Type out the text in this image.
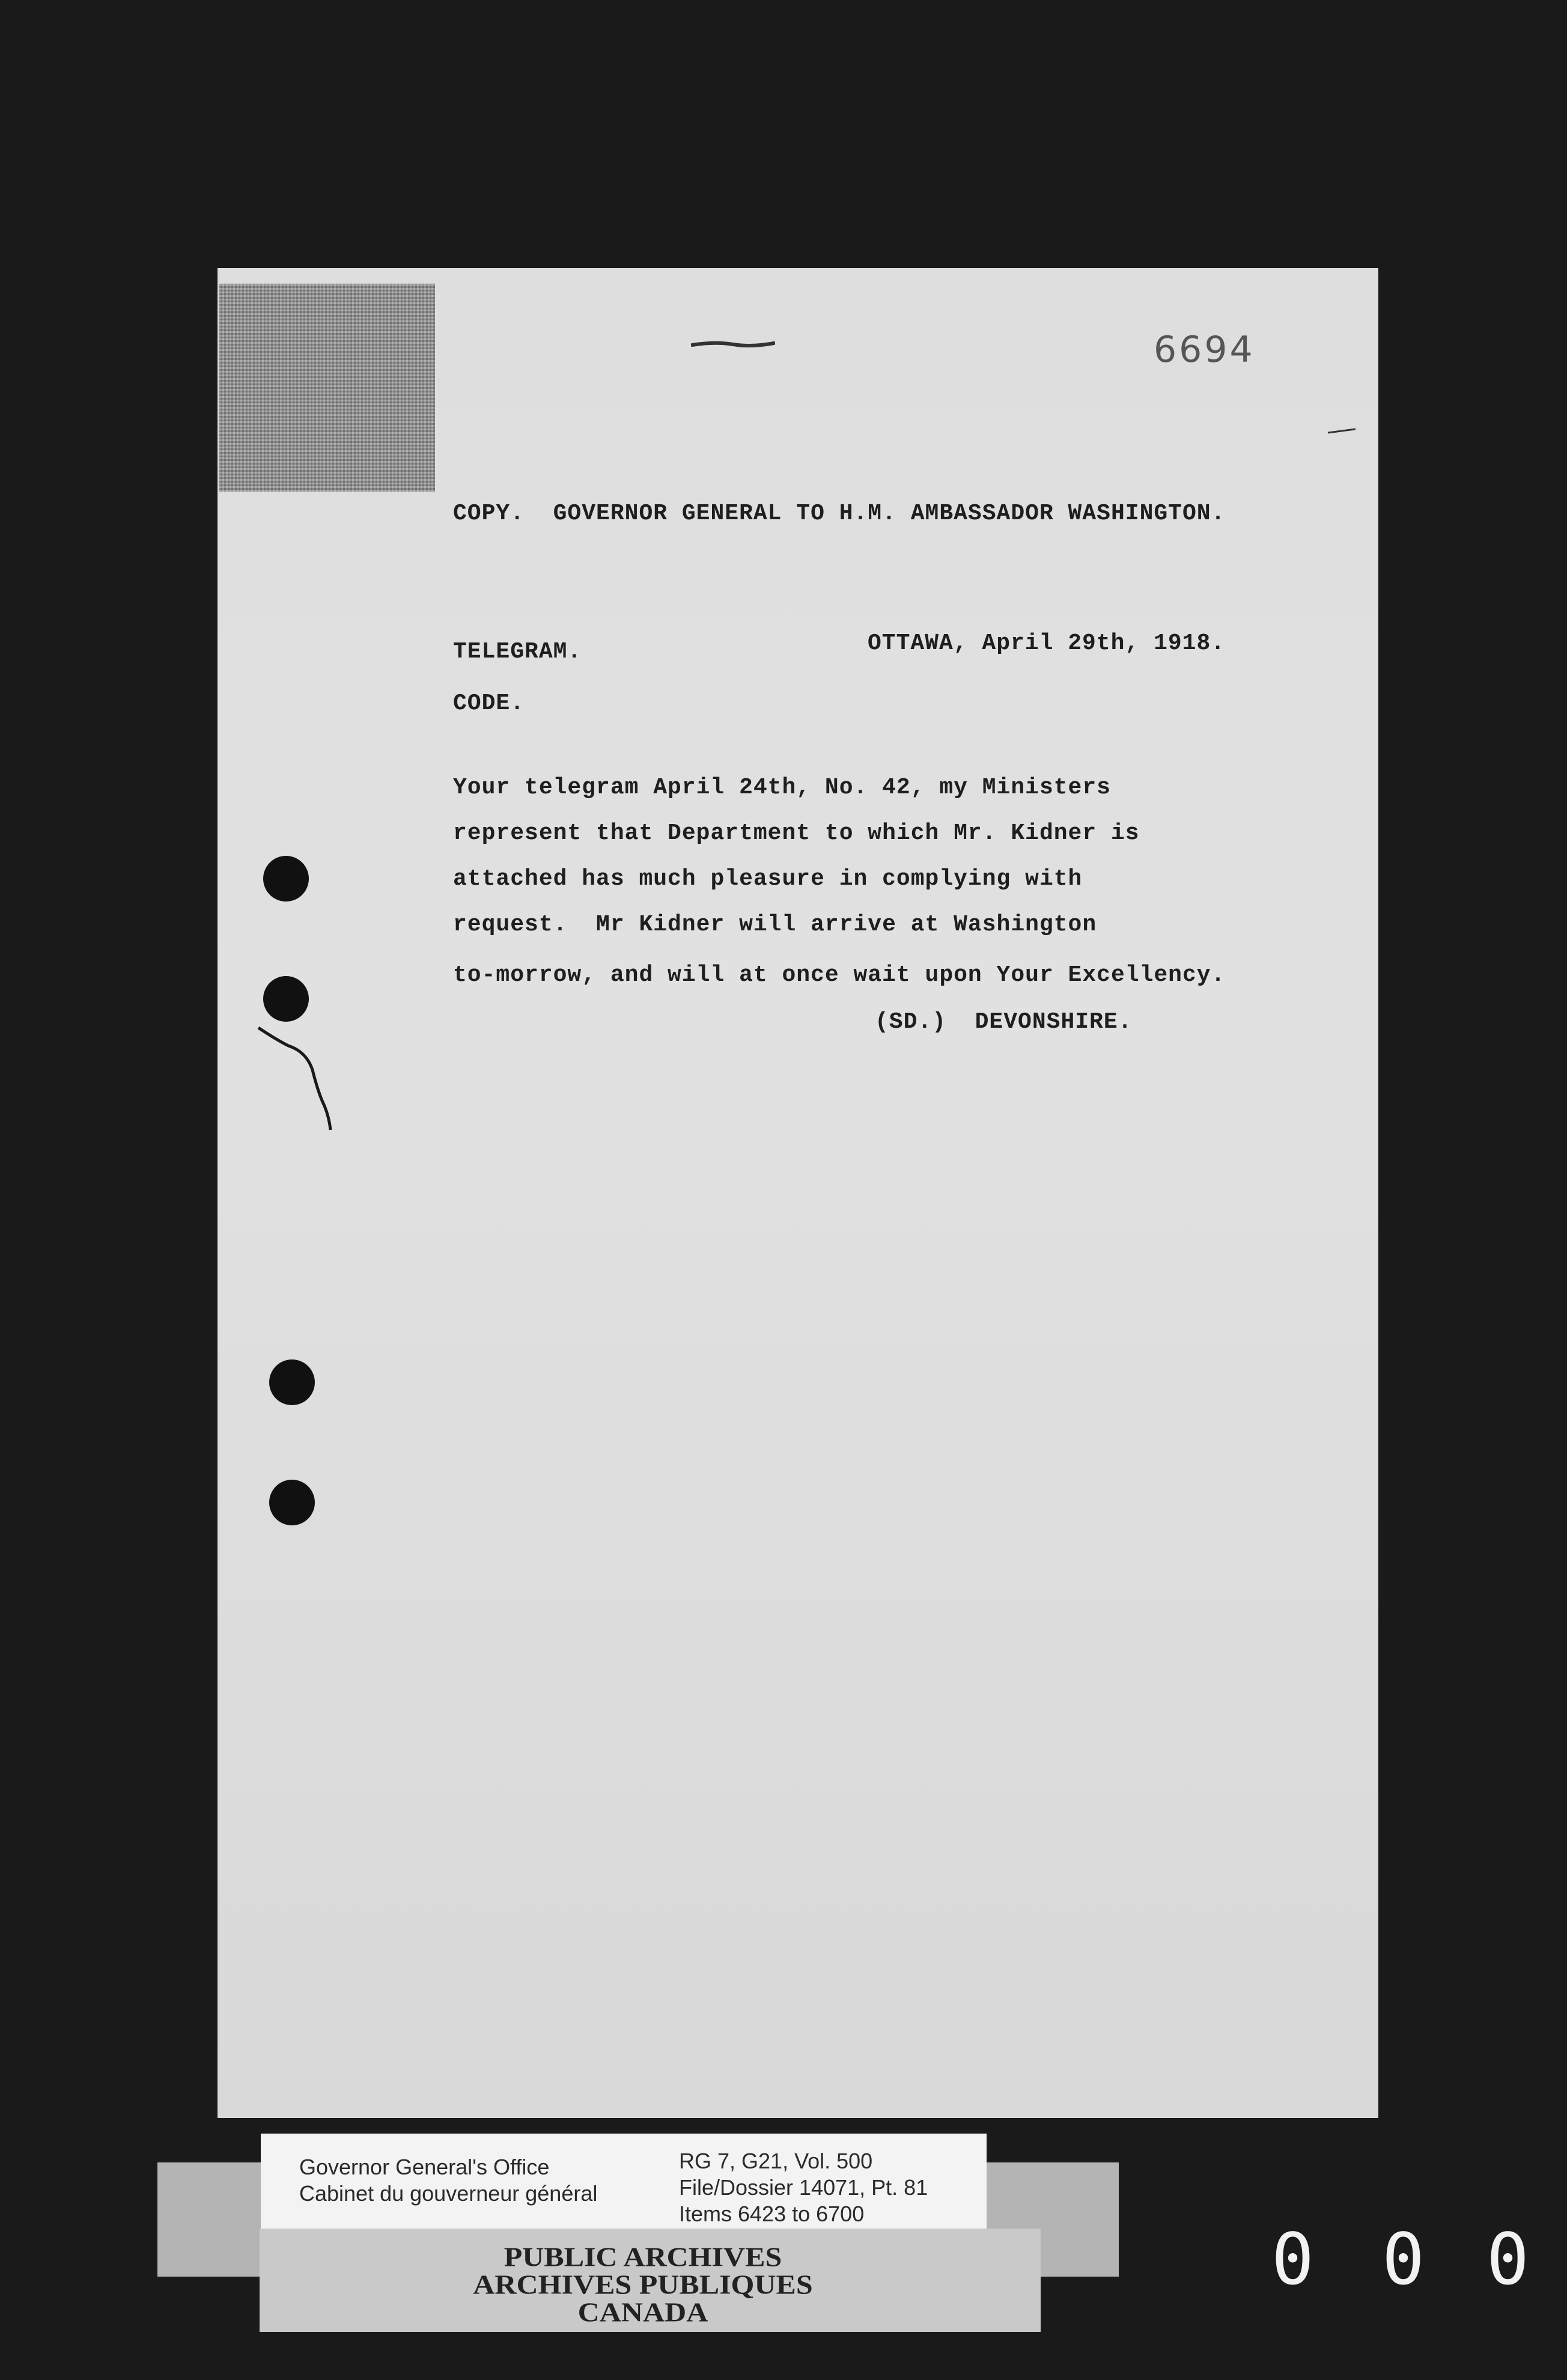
6694
COPY.  GOVERNOR GENERAL TO H.M. AMBASSADOR WASHINGTON.
TELEGRAM.	OTTAWA, April 29th, 1918.
CODE.
Your telegram April 24th, No. 42, my Ministers
represent that Department to which Mr. Kidner is
attached has much pleasure in complying with
request.  Mr Kidner will arrive at Washington
to-morrow, and will at once wait upon Your Excellency.
(SD.)  DEVONSHIRE.
Governor General's Office
Cabinet du gouverneur général
RG 7, G21, Vol. 500
File/Dossier 14071, Pt. 81
Items 6423 to 6700
PUBLIC ARCHIVES
ARCHIVES PUBLIQUES
CANADA
0 0 0
